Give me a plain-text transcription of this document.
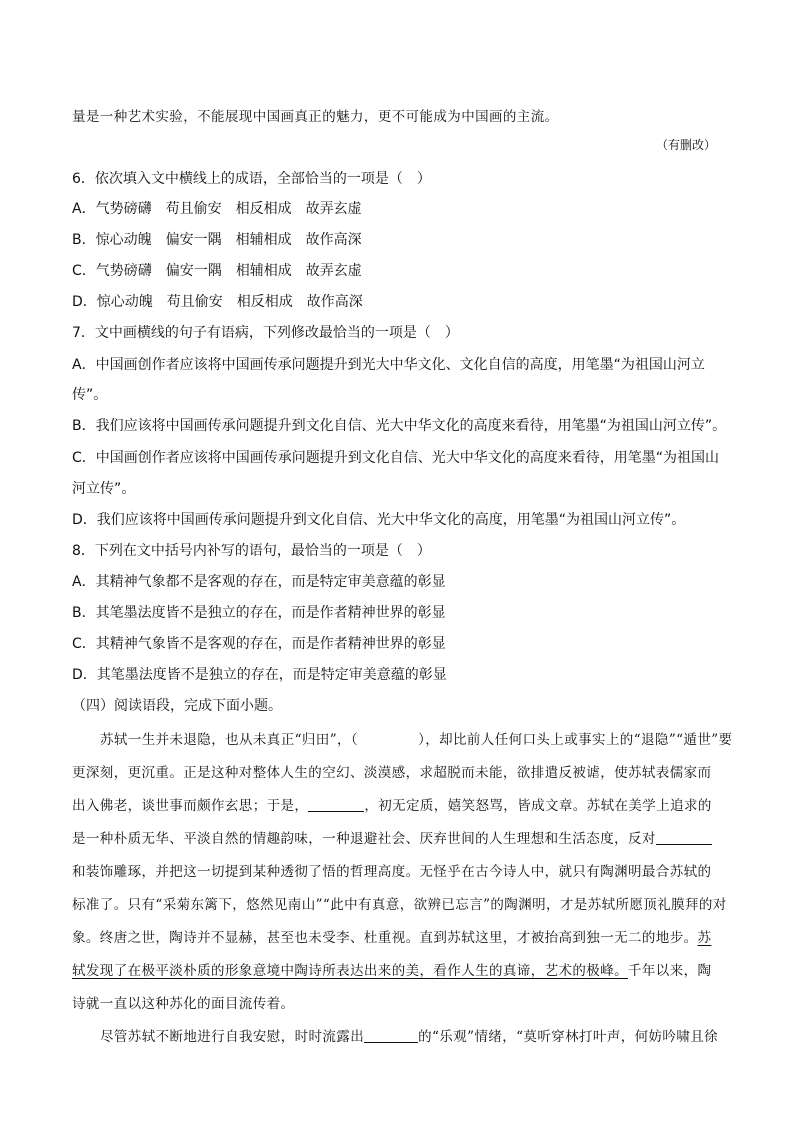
量是一种艺术实验，不能展现中国画真正的魅力，更不可能成为中国画的主流。
（有删改）
6．依次填入文中横线上的成语，全部恰当的一项是（　）
A．气势磅礴　苟且偷安　相反相成　故弄玄虚
B．惊心动魄　偏安一隅　相辅相成　故作高深
C．气势磅礴　偏安一隅　相辅相成　故弄玄虚
D．惊心动魄　苟且偷安　相反相成　故作高深
7．文中画横线的句子有语病，下列修改最恰当的一项是（　）
A．中国画创作者应该将中国画传承问题提升到光大中华文化、文化自信的高度，用笔墨“为祖国山河立
传”。
B．我们应该将中国画传承问题提升到文化自信、光大中华文化的高度来看待，用笔墨“为祖国山河立传”。
C．中国画创作者应该将中国画传承问题提升到文化自信、光大中华文化的高度来看待，用笔墨“为祖国山
河立传”。
D．我们应该将中国画传承问题提升到文化自信、光大中华文化的高度，用笔墨“为祖国山河立传”。
8．下列在文中括号内补写的语句，最恰当的一项是（　）
A．其精神气象都不是客观的存在，而是特定审美意蕴的彰显
B．其笔墨法度皆不是独立的存在，而是作者精神世界的彰显
C．其精神气象皆不是客观的存在，而是作者精神世界的彰显
D．其笔墨法度皆不是独立的存在，而是特定审美意蕴的彰显
（四）阅读语段，完成下面小题。
苏轼一生并未退隐，也从未真正“归田”，（	），却比前人任何口头上或事实上的“退隐”“遁世”要
更深刻，更沉重。正是这种对整体人生的空幻、淡漠感，求超脱而未能，欲排遣反被谑，使苏轼表儒家而
出入佛老，谈世事而颇作玄思；于是，	，初无定质，嬉笑怒骂，皆成文章。苏轼在美学上追求的
是一种朴质无华、平淡自然的情趣韵味，一种退避社会、厌弃世间的人生理想和生活态度，反对
和装饰雕琢，并把这一切提到某种透彻了悟的哲理高度。无怪乎在古今诗人中，就只有陶渊明最合苏轼的
标准了。只有“采菊东篱下，悠然见南山”“此中有真意，欲辨已忘言”的陶渊明，才是苏轼所愿顶礼膜拜的对
象。终唐之世，陶诗并不显赫，甚至也未受李、杜重视。直到苏轼这里，才被抬高到独一无二的地步。苏
轼发现了在极平淡朴质的形象意境中陶诗所表达出来的美，看作人生的真谛，艺术的极峰。千年以来，陶
诗就一直以这种苏化的面目流传着。
尽管苏轼不断地进行自我安慰，时时流露出	的“乐观”情绪，“莫听穿林打叶声，何妨吟啸且徐
